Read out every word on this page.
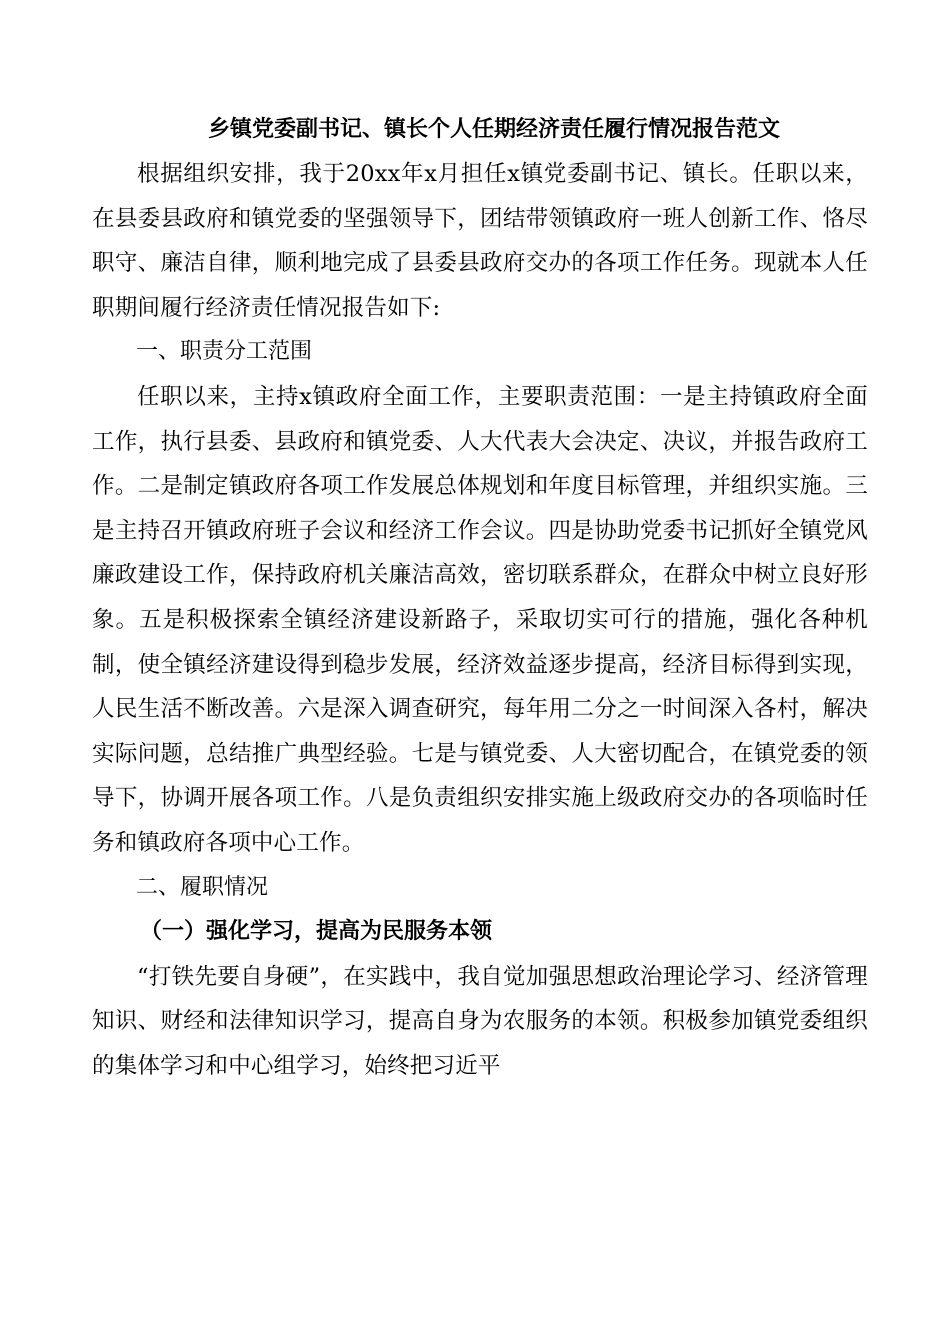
乡镇党委副书记、镇长个人任期经济责任履行情况报告范文

根据组织安排，我于20xx年x月担任x镇党委副书记、镇长。任职以来，在县委县政府和镇党委的坚强领导下，团结带领镇政府一班人创新工作、恪尽职守、廉洁自律，顺利地完成了县委县政府交办的各项工作任务。现就本人任职期间履行经济责任情况报告如下:

一、职责分工范围

任职以来，主持x镇政府全面工作，主要职责范围：一是主持镇政府全面工作，执行县委、县政府和镇党委、人大代表大会决定、决议，并报告政府工作。二是制定镇政府各项工作发展总体规划和年度目标管理，并组织实施。三是主持召开镇政府班子会议和经济工作会议。四是协助党委书记抓好全镇党风廉政建设工作，保持政府机关廉洁高效，密切联系群众，在群众中树立良好形象。五是积极探索全镇经济建设新路子，采取切实可行的措施，强化各种机制，使全镇经济建设得到稳步发展，经济效益逐步提高，经济目标得到实现，人民生活不断改善。六是深入调查研究，每年用二分之一时间深入各村，解决实际问题，总结推广典型经验。七是与镇党委、人大密切配合，在镇党委的领导下，协调开展各项工作。八是负责组织安排实施上级政府交办的各项临时任务和镇政府各项中心工作。

二、履职情况

（一）强化学习，提高为民服务本领

“打铁先要自身硬”，在实践中，我自觉加强思想政治理论学习、经济管理知识、财经和法律知识学习，提高自身为农服务的本领。积极参加镇党委组织的集体学习和中心组学习，始终把习近平
